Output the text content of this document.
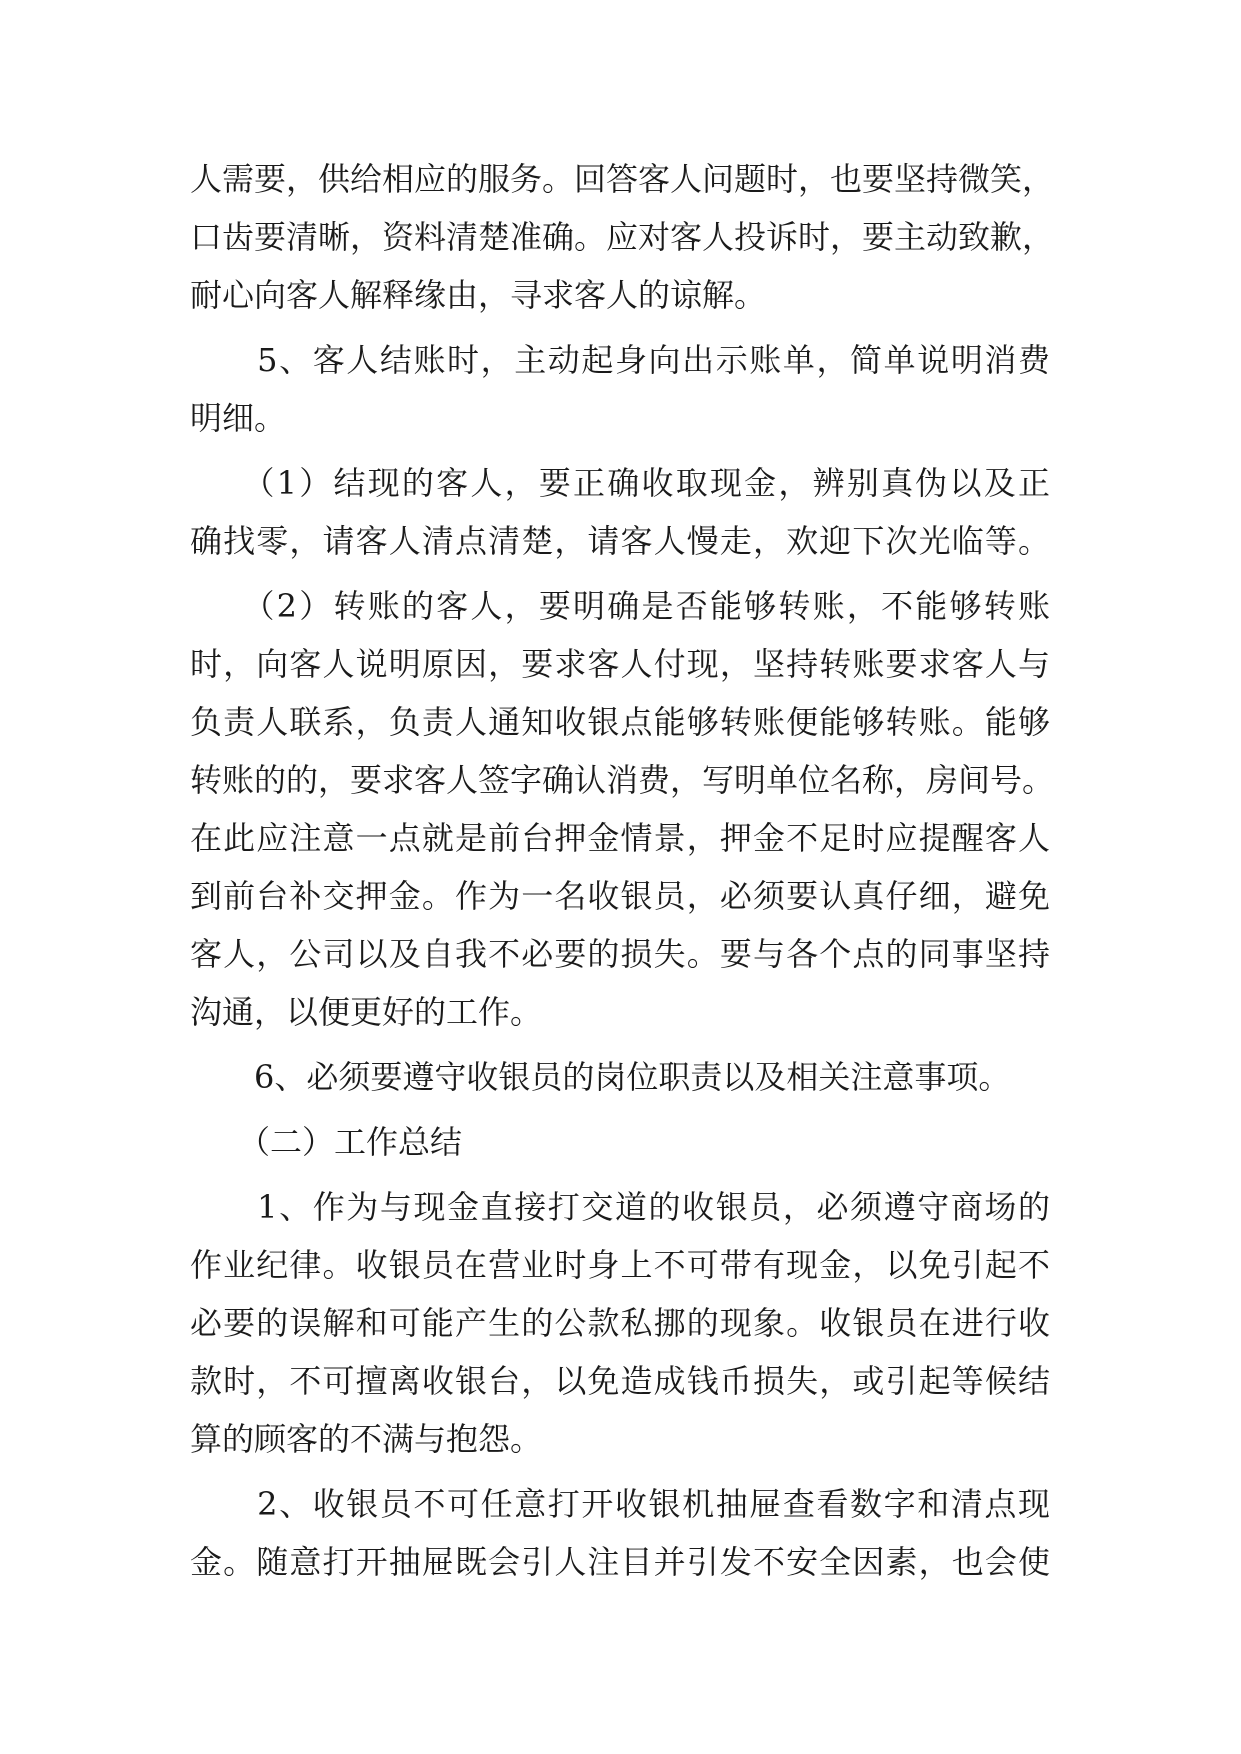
人需要，供给相应的服务。回答客人问题时，也要坚持微笑，
口齿要清晰，资料清楚准确。应对客人投诉时，要主动致歉，
耐心向客人解释缘由，寻求客人的谅解。
　　5、客人结账时，主动起身向出示账单，简单说明消费
明细。
　　（1）结现的客人，要正确收取现金，辨别真伪以及正
确找零，请客人清点清楚，请客人慢走，欢迎下次光临等。
　　（2）转账的客人，要明确是否能够转账，不能够转账
时，向客人说明原因，要求客人付现，坚持转账要求客人与
负责人联系，负责人通知收银点能够转账便能够转账。能够
转账的的，要求客人签字确认消费，写明单位名称，房间号。
在此应注意一点就是前台押金情景，押金不足时应提醒客人
到前台补交押金。作为一名收银员，必须要认真仔细，避免
客人，公司以及自我不必要的损失。要与各个点的同事坚持
沟通，以便更好的工作。
　　6、必须要遵守收银员的岗位职责以及相关注意事项。
　　（二）工作总结
　　1、作为与现金直接打交道的收银员，必须遵守商场的
作业纪律。收银员在营业时身上不可带有现金，以免引起不
必要的误解和可能产生的公款私挪的现象。收银员在进行收
款时，不可擅离收银台，以免造成钱币损失，或引起等候结
算的顾客的不满与抱怨。
　　2、收银员不可任意打开收银机抽屉查看数字和清点现
金。随意打开抽屉既会引人注目并引发不安全因素，也会使
